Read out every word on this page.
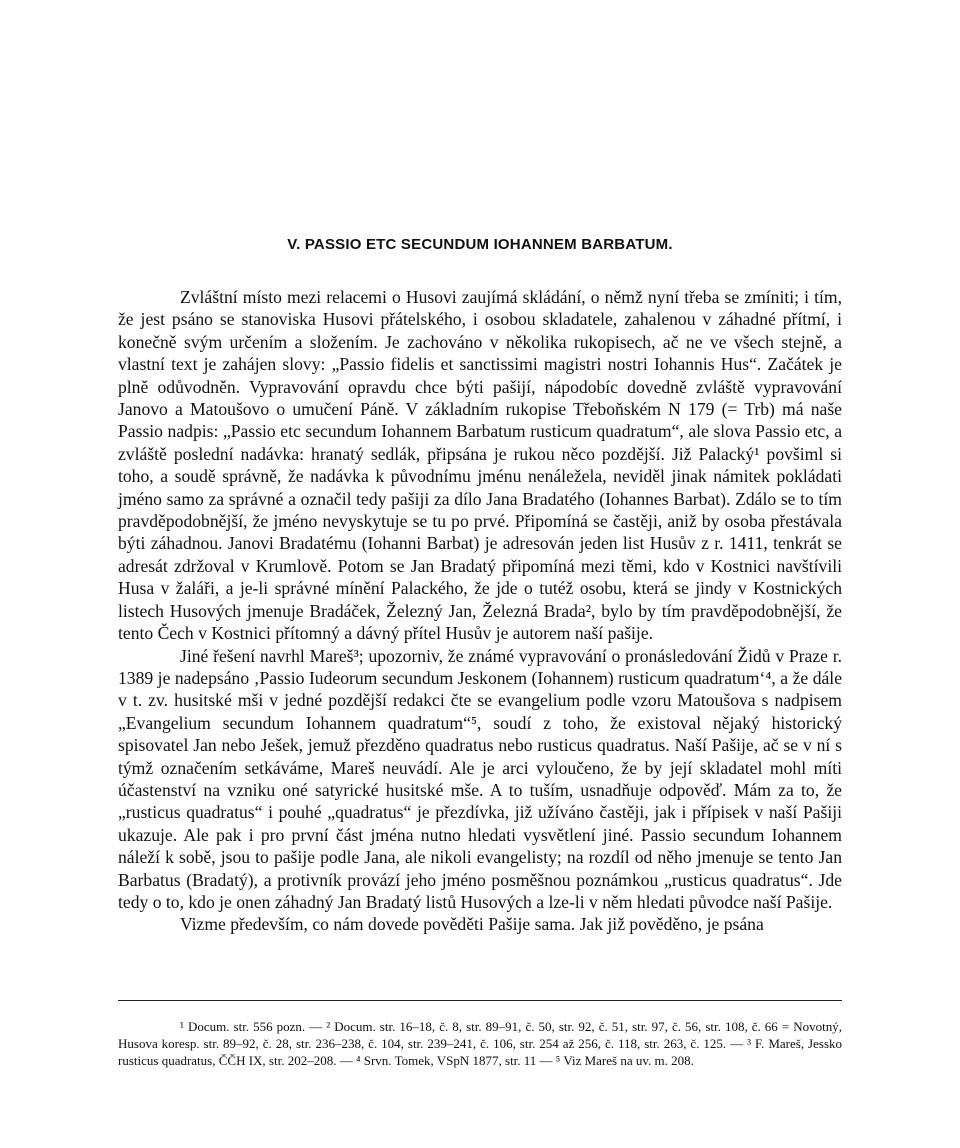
V. PASSIO ETC SECUNDUM IOHANNEM BARBATUM.

Zvláštní místo mezi relacemi o Husovi zaujímá skládání, o němž nyní třeba se zmíniti; i tím, že jest psáno se stanoviska Husovi přátelského, i osobou skladatele, zahalenou v záhadné přítmí, i konečně svým určením a složením. Je zachováno v několika rukopisech, ač ne ve všech stejně, a vlastní text je zahájen slovy: „Passio fidelis et sanctissimi magistri nostri Iohannis Hus“. Začátek je plně odůvodněn. Vypravování opravdu chce býti pašijí, nápodobíc dovedně zvláště vypravování Janovo a Matoušovo o umučení Páně. V základním rukopise Třeboňském N 179 (= Trb) má naše Passio nadpis: „Passio etc secundum Iohannem Barbatum rusticum quadratum“, ale slova Passio etc, a zvláště poslední nadávka: hranatý sedlák, připsána je rukou něco pozdější. Již Palacký¹ povšiml si toho, a soudě správně, že nadávka k původnímu jménu nenáležela, neviděl jinak námitek pokládati jméno samo za správné a označil tedy pašiji za dílo Jana Bradatého (Iohannes Barbat). Zdálo se to tím pravděpodobnější, že jméno nevyskytuje se tu po prvé. Připomíná se častěji, aniž by osoba přestávala býti záhadnou. Janovi Bradatému (Iohanni Barbat) je adresován jeden list Husův z r. 1411, tenkrát se adresát zdržoval v Krumlově. Potom se Jan Bradatý připomíná mezi těmi, kdo v Kostnici navštívili Husa v žaláři, a je-li správné mínění Palackého, že jde o tutéž osobu, která se jindy v Kostnických listech Husových jmenuje Bradáček, Železný Jan, Železná Brada², bylo by tím pravděpodobnější, že tento Čech v Kostnici přítomný a dávný přítel Husův je autorem naší pašije.

Jiné řešení navrhl Mareš³; upozorniv, že známé vypravování o pronásledování Židů v Praze r. 1389 je nadepsáno ‚Passio Iudeorum secundum Jeskonem (Iohannem) rusticum quadratum‘⁴, a že dále v t. zv. husitské mši v jedné pozdější redakci čte se evangelium podle vzoru Matoušova s nadpisem „Evangelium secundum Iohannem quadratum“⁵, soudí z toho, že existoval nějaký historický spisovatel Jan nebo Ješek, jemuž přezděno quadratus nebo rusticus quadratus. Naší Pašije, ač se v ní s týmž označením setkáváme, Mareš neuvádí. Ale je arci vyloučeno, že by její skladatel mohl míti účastenství na vzniku oné satyrické husitské mše. A to tuším, usnadňuje odpověď. Mám za to, že „rusticus quadratus“ i pouhé „quadratus“ je přezdívka, již užíváno častěji, jak i přípisek v naší Pašiji ukazuje. Ale pak i pro první část jména nutno hledati vysvětlení jiné. Passio secundum Iohannem náleží k sobě, jsou to pašije podle Jana, ale nikoli evangelisty; na rozdíl od něho jmenuje se tento Jan Barbatus (Bradatý), a protivník provází jeho jméno posměšnou poznámkou „rusticus quadratus“. Jde tedy o to, kdo je onen záhadný Jan Bradatý listů Husových a lze-li v něm hledati původce naší Pašije.

Vizme především, co nám dovede pověděti Pašije sama. Jak již pověděno, je psána

¹ Docum. str. 556 pozn. — ² Docum. str. 16–18, č. 8, str. 89–91, č. 50, str. 92, č. 51, str. 97, č. 56, str. 108, č. 66 = Novotný, Husova koresp. str. 89–92, č. 28, str. 236–238, č. 104, str. 239–241, č. 106, str. 254 až 256, č. 118, str. 263, č. 125. — ³ F. Mareš, Jessko rusticus quadratus, ČČH IX, str. 202–208. — ⁴ Srvn. Tomek, VSpN 1877, str. 11 — ⁵ Viz Mareš na uv. m. 208.
